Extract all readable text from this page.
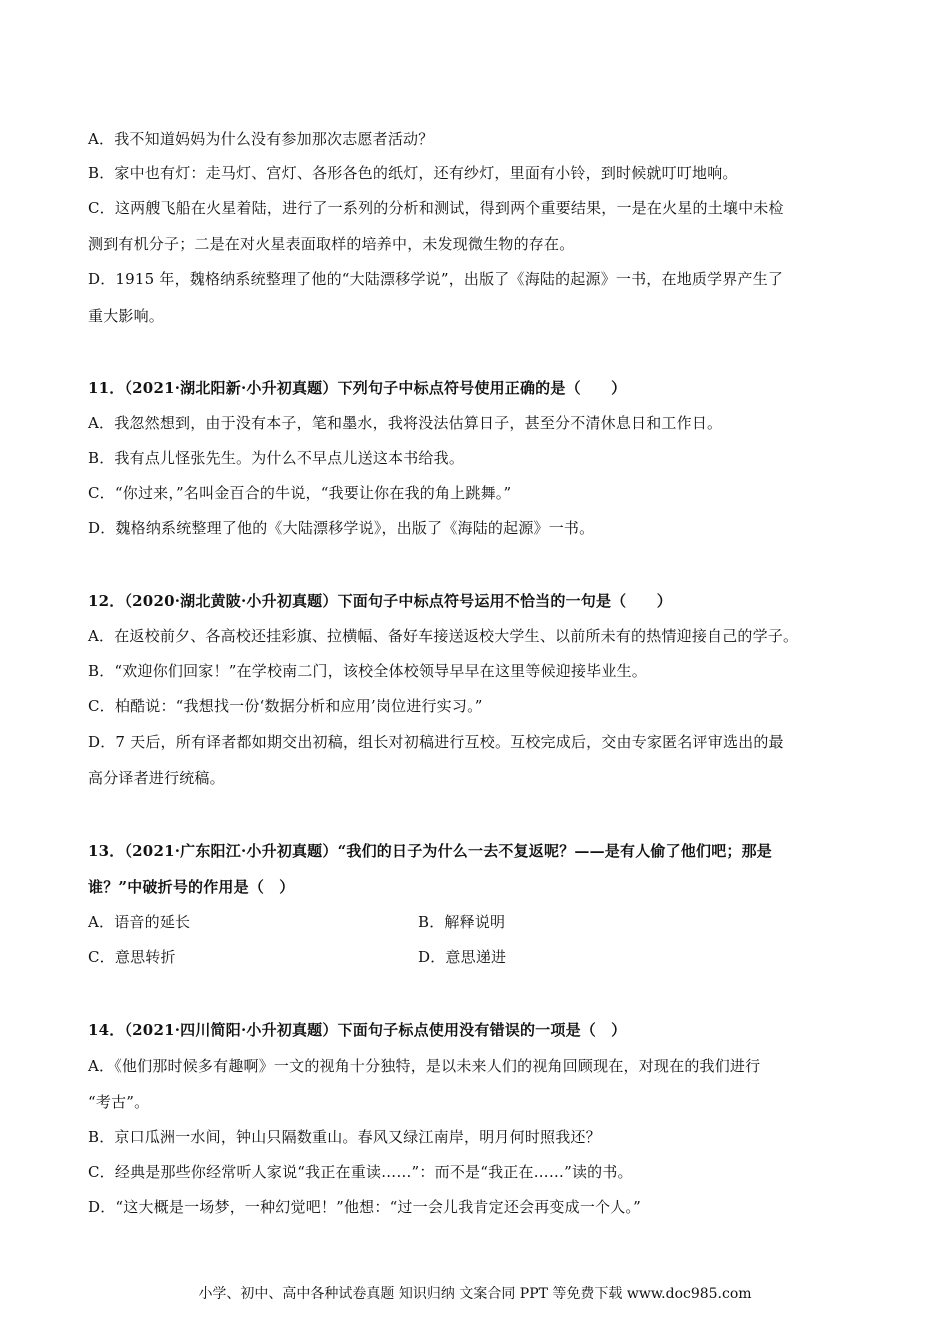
A．我不知道妈妈为什么没有参加那次志愿者活动？
B．家中也有灯：走马灯、宫灯、各形各色的纸灯，还有纱灯，里面有小铃，到时候就叮叮地响。
C．这两艘飞船在火星着陆，进行了一系列的分析和测试，得到两个重要结果，一是在火星的土壤中未检
测到有机分子；二是在对火星表面取样的培养中，未发现微生物的存在。
D．1915 年，魏格纳系统整理了他的“大陆漂移学说”，出版了《海陆的起源》一书，在地质学界产生了
重大影响。
11．（2021·湖北阳新·小升初真题）下列句子中标点符号使用正确的是（　　）
A．我忽然想到，由于没有本子，笔和墨水，我将没法估算日子，甚至分不清休息日和工作日。
B．我有点儿怪张先生。为什么不早点儿送这本书给我。
C．“你过来，”名叫金百合的牛说，“我要让你在我的角上跳舞。”
D．魏格纳系统整理了他的《大陆漂移学说》，出版了《海陆的起源》一书。
12．（2020·湖北黄陂·小升初真题）下面句子中标点符号运用不恰当的一句是（　　）
A．在返校前夕、各高校还挂彩旗、拉横幅、备好车接送返校大学生、以前所未有的热情迎接自己的学子。
B．“欢迎你们回家！”在学校南二门，该校全体校领导早早在这里等候迎接毕业生。
C．柏酷说：“我想找一份‘数据分析和应用’岗位进行实习。”
D．7 天后，所有译者都如期交出初稿，组长对初稿进行互校。互校完成后，交由专家匿名评审选出的最
高分译者进行统稿。
13．（2021·广东阳江·小升初真题）“我们的日子为什么一去不复返呢？——是有人偷了他们吧；那是
谁？”中破折号的作用是（　）
A．语音的延长	B．解释说明
C．意思转折	D．意思递进
14．（2021·四川简阳·小升初真题）下面句子标点使用没有错误的一项是（　）
A．《他们那时候多有趣啊》一文的视角十分独特，是以未来人们的视角回顾现在，对现在的我们进行
“考古”。
B．京口瓜洲一水间，钟山只隔数重山。春风又绿江南岸，明月何时照我还？
C．经典是那些你经常听人家说“我正在重读……”：而不是“我正在……”读的书。
D．“这大概是一场梦，一种幻觉吧！”他想：“过一会儿我肯定还会再变成一个人。”
小学、初中、高中各种试卷真题 知识归纳 文案合同 PPT 等免费下载 www.doc985.com
